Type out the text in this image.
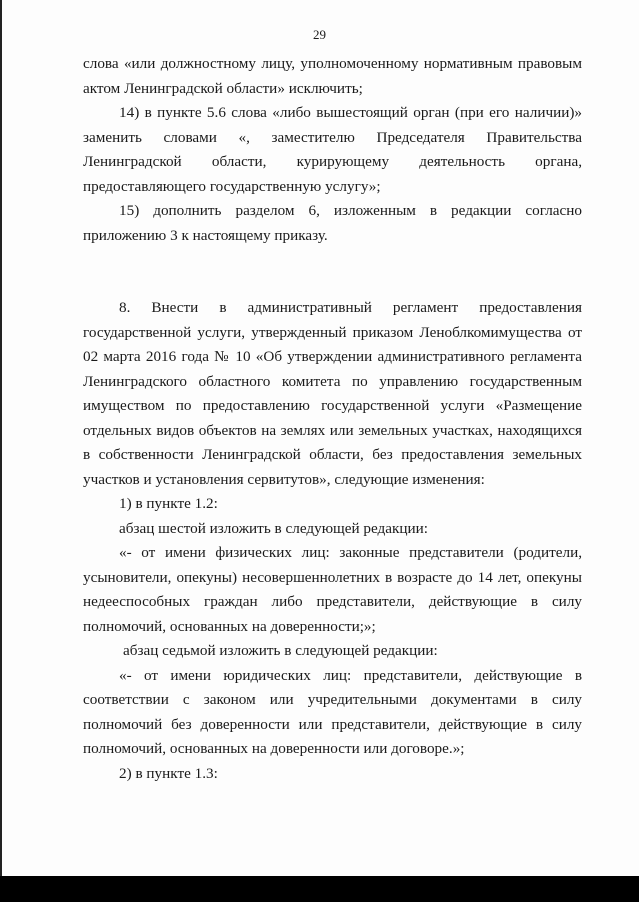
29

слова «или должностному лицу, уполномоченному нормативным правовым актом Ленинградской области» исключить;

14) в пункте 5.6 слова «либо вышестоящий орган (при его наличии)» заменить словами «, заместителю Председателя Правительства Ленинградской области, курирующему деятельность органа, предоставляющего государственную услугу»;

15) дополнить разделом 6, изложенным в редакции согласно приложению 3 к настоящему приказу.

8. Внести в административный регламент предоставления государственной услуги, утвержденный приказом Леноблкомимущества от 02 марта 2016 года № 10 «Об утверждении административного регламента Ленинградского областного комитета по управлению государственным имуществом по предоставлению государственной услуги «Размещение отдельных видов объектов на землях или земельных участках, находящихся в собственности Ленинградской области, без предоставления земельных участков и установления сервитутов», следующие изменения:

1) в пункте 1.2:

абзац шестой изложить в следующей редакции:

«- от имени физических лиц: законные представители (родители, усыновители, опекуны) несовершеннолетних в возрасте до 14 лет, опекуны недееспособных граждан либо представители, действующие в силу полномочий, основанных на доверенности;»;

абзац седьмой изложить в следующей редакции:

«- от имени юридических лиц: представители, действующие в соответствии с законом или учредительными документами в силу полномочий без доверенности или представители, действующие в силу полномочий, основанных на доверенности или договоре.»;

2) в пункте 1.3:
